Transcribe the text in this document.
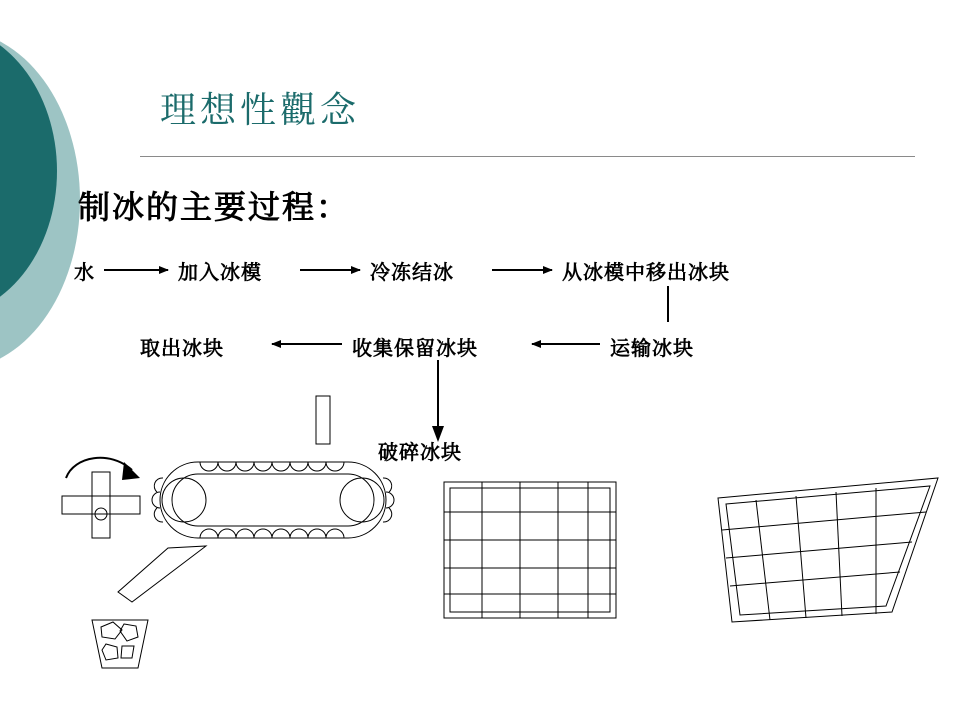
理想性觀念
制冰的主要过程：
水	加入冰模	冷冻结冰	从冰模中移出冰块
取出冰块	收集保留冰块	运输冰块
破碎冰块
